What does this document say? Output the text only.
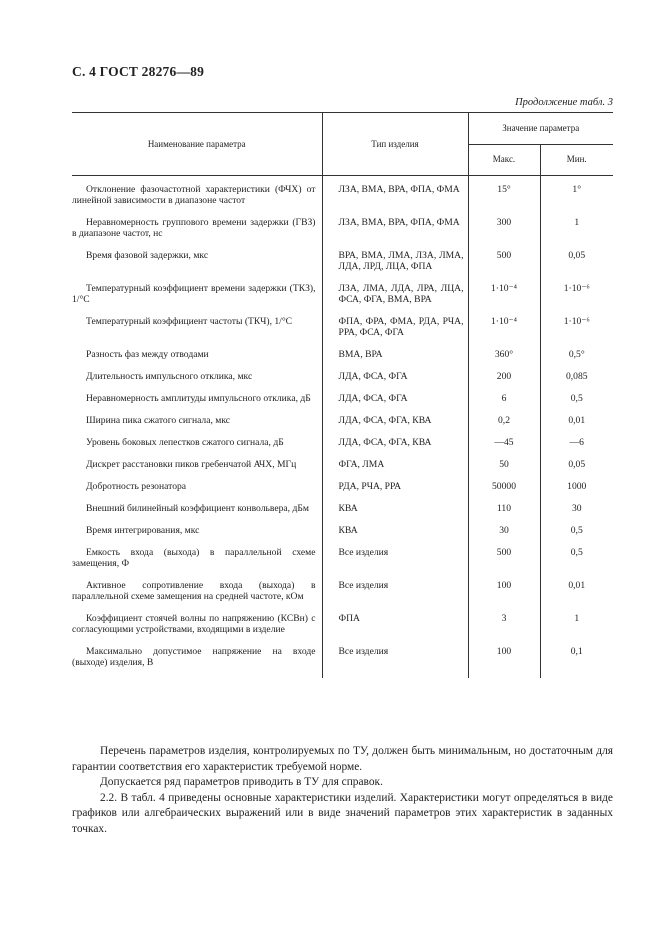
С. 4 ГОСТ 28276—89
Продолжение табл. 3
Наименование параметра	Тип изделия	Значение параметра	
		Макс.	Мин.
Отклонение фазочастотной характеристики (ФЧХ) от линейной зависимости в диапазоне частот	ЛЗА, ВМА, ВРА, ФПА, ФМА	15°	1°
Неравномерность группового времени задержки (ГВЗ) в диапазоне частот, нс	ЛЗА, ВМА, ВРА, ФПА, ФМА	300	1
Время фазовой задержки, мкс	ВРА, ВМА, ЛМА, ЛЗА, ЛМА, ЛДА, ЛРД, ЛЦА, ФПА	500	0,05
Температурный коэффициент времени задержки (ТКЗ), 1/°С	ЛЗА, ЛМА, ЛДА, ЛРА, ЛЦА, ФСА, ФГА, ВМА, ВРА	1·10⁻⁴	1·10⁻⁶
Температурный коэффициент частоты (ТКЧ), 1/°С	ФПА, ФРА, ФМА, РДА, РЧА, РРА, ФСА, ФГА	1·10⁻⁴	1·10⁻⁶
Разность фаз между отводами	ВМА, ВРА	360°	0,5°
Длительность импульсного отклика, мкс	ЛДА, ФСА, ФГА	200	0,085
Неравномерность амплитуды импульсного отклика, дБ	ЛДА, ФСА, ФГА	6	0,5
Ширина пика сжатого сигнала, мкс	ЛДА, ФСА, ФГА, КВА	0,2	0,01
Уровень боковых лепестков сжатого сигнала, дБ	ЛДА, ФСА, ФГА, КВА	—45	—6
Дискрет расстановки пиков гребенчатой АЧХ, МГц	ФГА, ЛМА	50	0,05
Добротность резонатора	РДА, РЧА, РРА	50000	1000
Внешний билинейный коэффициент конвольвера, дБм	КВА	110	30
Время интегрирования, мкс	КВА	30	0,5
Емкость входа (выхода) в параллельной схеме замещения, Ф	Все изделия	500	0,5
Активное сопротивление входа (выхода) в параллельной схеме замещения на средней частоте, кОм	Все изделия	100	0,01
Коэффициент стоячей волны по напряжению (КСВн) с согласующими устройствами, входящими в изделие	ФПА	3	1
Максимально допустимое напряжение на входе (выходе) изделия, В	Все изделия	100	0,1

Перечень параметров изделия, контролируемых по ТУ, должен быть минимальным, но достаточным для гарантии соответствия его характеристик требуемой норме.

Допускается ряд параметров приводить в ТУ для справок.

2.2. В табл. 4 приведены основные характеристики изделий. Характеристики могут определяться в виде графиков или алгебраических выражений или в виде значений параметров этих характеристик в заданных точках.
